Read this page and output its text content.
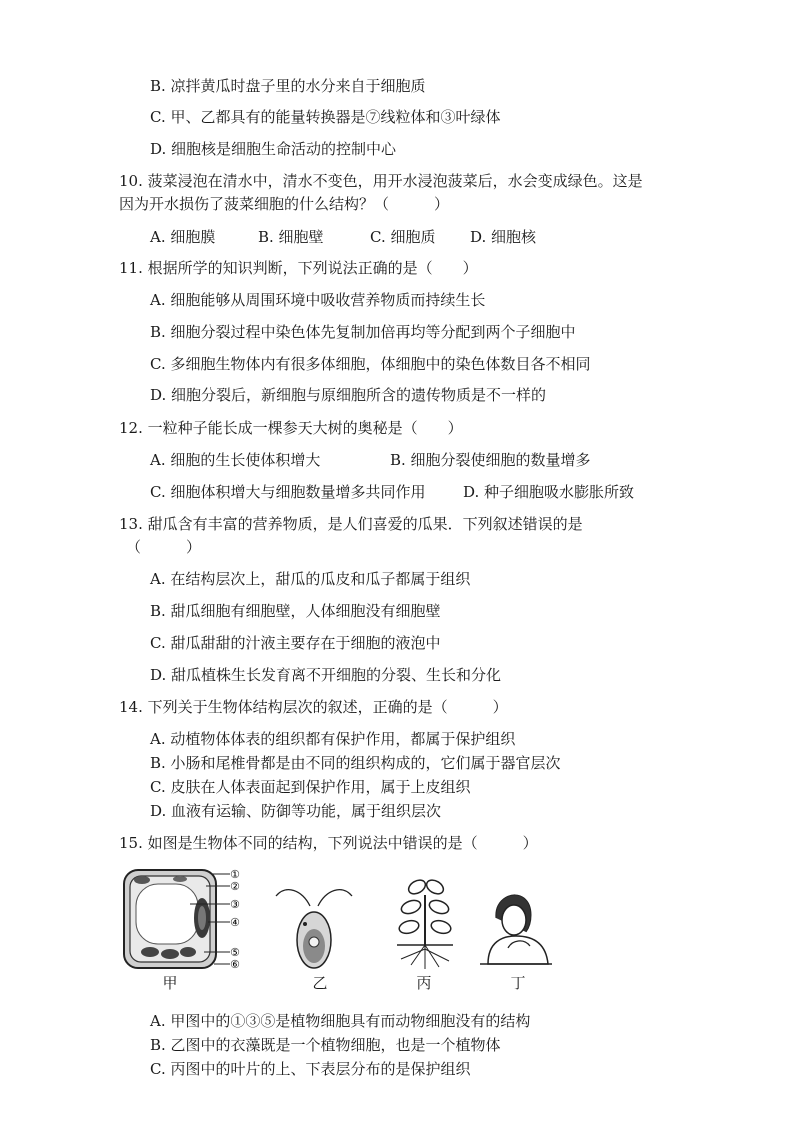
B. 凉拌黄瓜时盘子里的水分来自于细胞质
C. 甲、乙都具有的能量转换器是⑦线粒体和③叶绿体
D. 细胞核是细胞生命活动的控制中心
10. 菠菜浸泡在清水中，清水不变色，用开水浸泡菠菜后，水会变成绿色。这是
因为开水损伤了菠菜细胞的什么结构？（　　　）
A. 细胞膜	B. 细胞壁	C. 细胞质 D. 细胞核
11. 根据所学的知识判断，下列说法正确的是（　　）
A. 细胞能够从周围环境中吸收营养物质而持续生长
B. 细胞分裂过程中染色体先复制加倍再均等分配到两个子细胞中
C. 多细胞生物体内有很多体细胞，体细胞中的染色体数目各不相同
D. 细胞分裂后，新细胞与原细胞所含的遗传物质是不一样的
12. 一粒种子能长成一棵参天大树的奥秘是（　　）
A. 细胞的生长使体积增大	B. 细胞分裂使细胞的数量增多
C. 细胞体积增大与细胞数量增多共同作用	D. 种子细胞吸水膨胀所致
13. 甜瓜含有丰富的营养物质，是人们喜爱的瓜果．下列叙述错误的是
（　　　）
A. 在结构层次上，甜瓜的瓜皮和瓜子都属于组织
B. 甜瓜细胞有细胞壁，人体细胞没有细胞壁
C. 甜瓜甜甜的汁液主要存在于细胞的液泡中
D. 甜瓜植株生长发育离不开细胞的分裂、生长和分化
14. 下列关于生物体结构层次的叙述，正确的是（　　　）
A. 动植物体体表的组织都有保护作用，都属于保护组织
B. 小肠和尾椎骨都是由不同的组织构成的，它们属于器官层次
C. 皮肤在人体表面起到保护作用，属于上皮组织
D. 血液有运输、防御等功能，属于组织层次
15. 如图是生物体不同的结构，下列说法中错误的是（　　　）
①
②
③
④
⑤
⑥
甲	乙	丙	丁
A. 甲图中的①③⑤是植物细胞具有而动物细胞没有的结构
B. 乙图中的衣藻既是一个植物细胞，也是一个植物体
C. 丙图中的叶片的上、下表层分布的是保护组织
